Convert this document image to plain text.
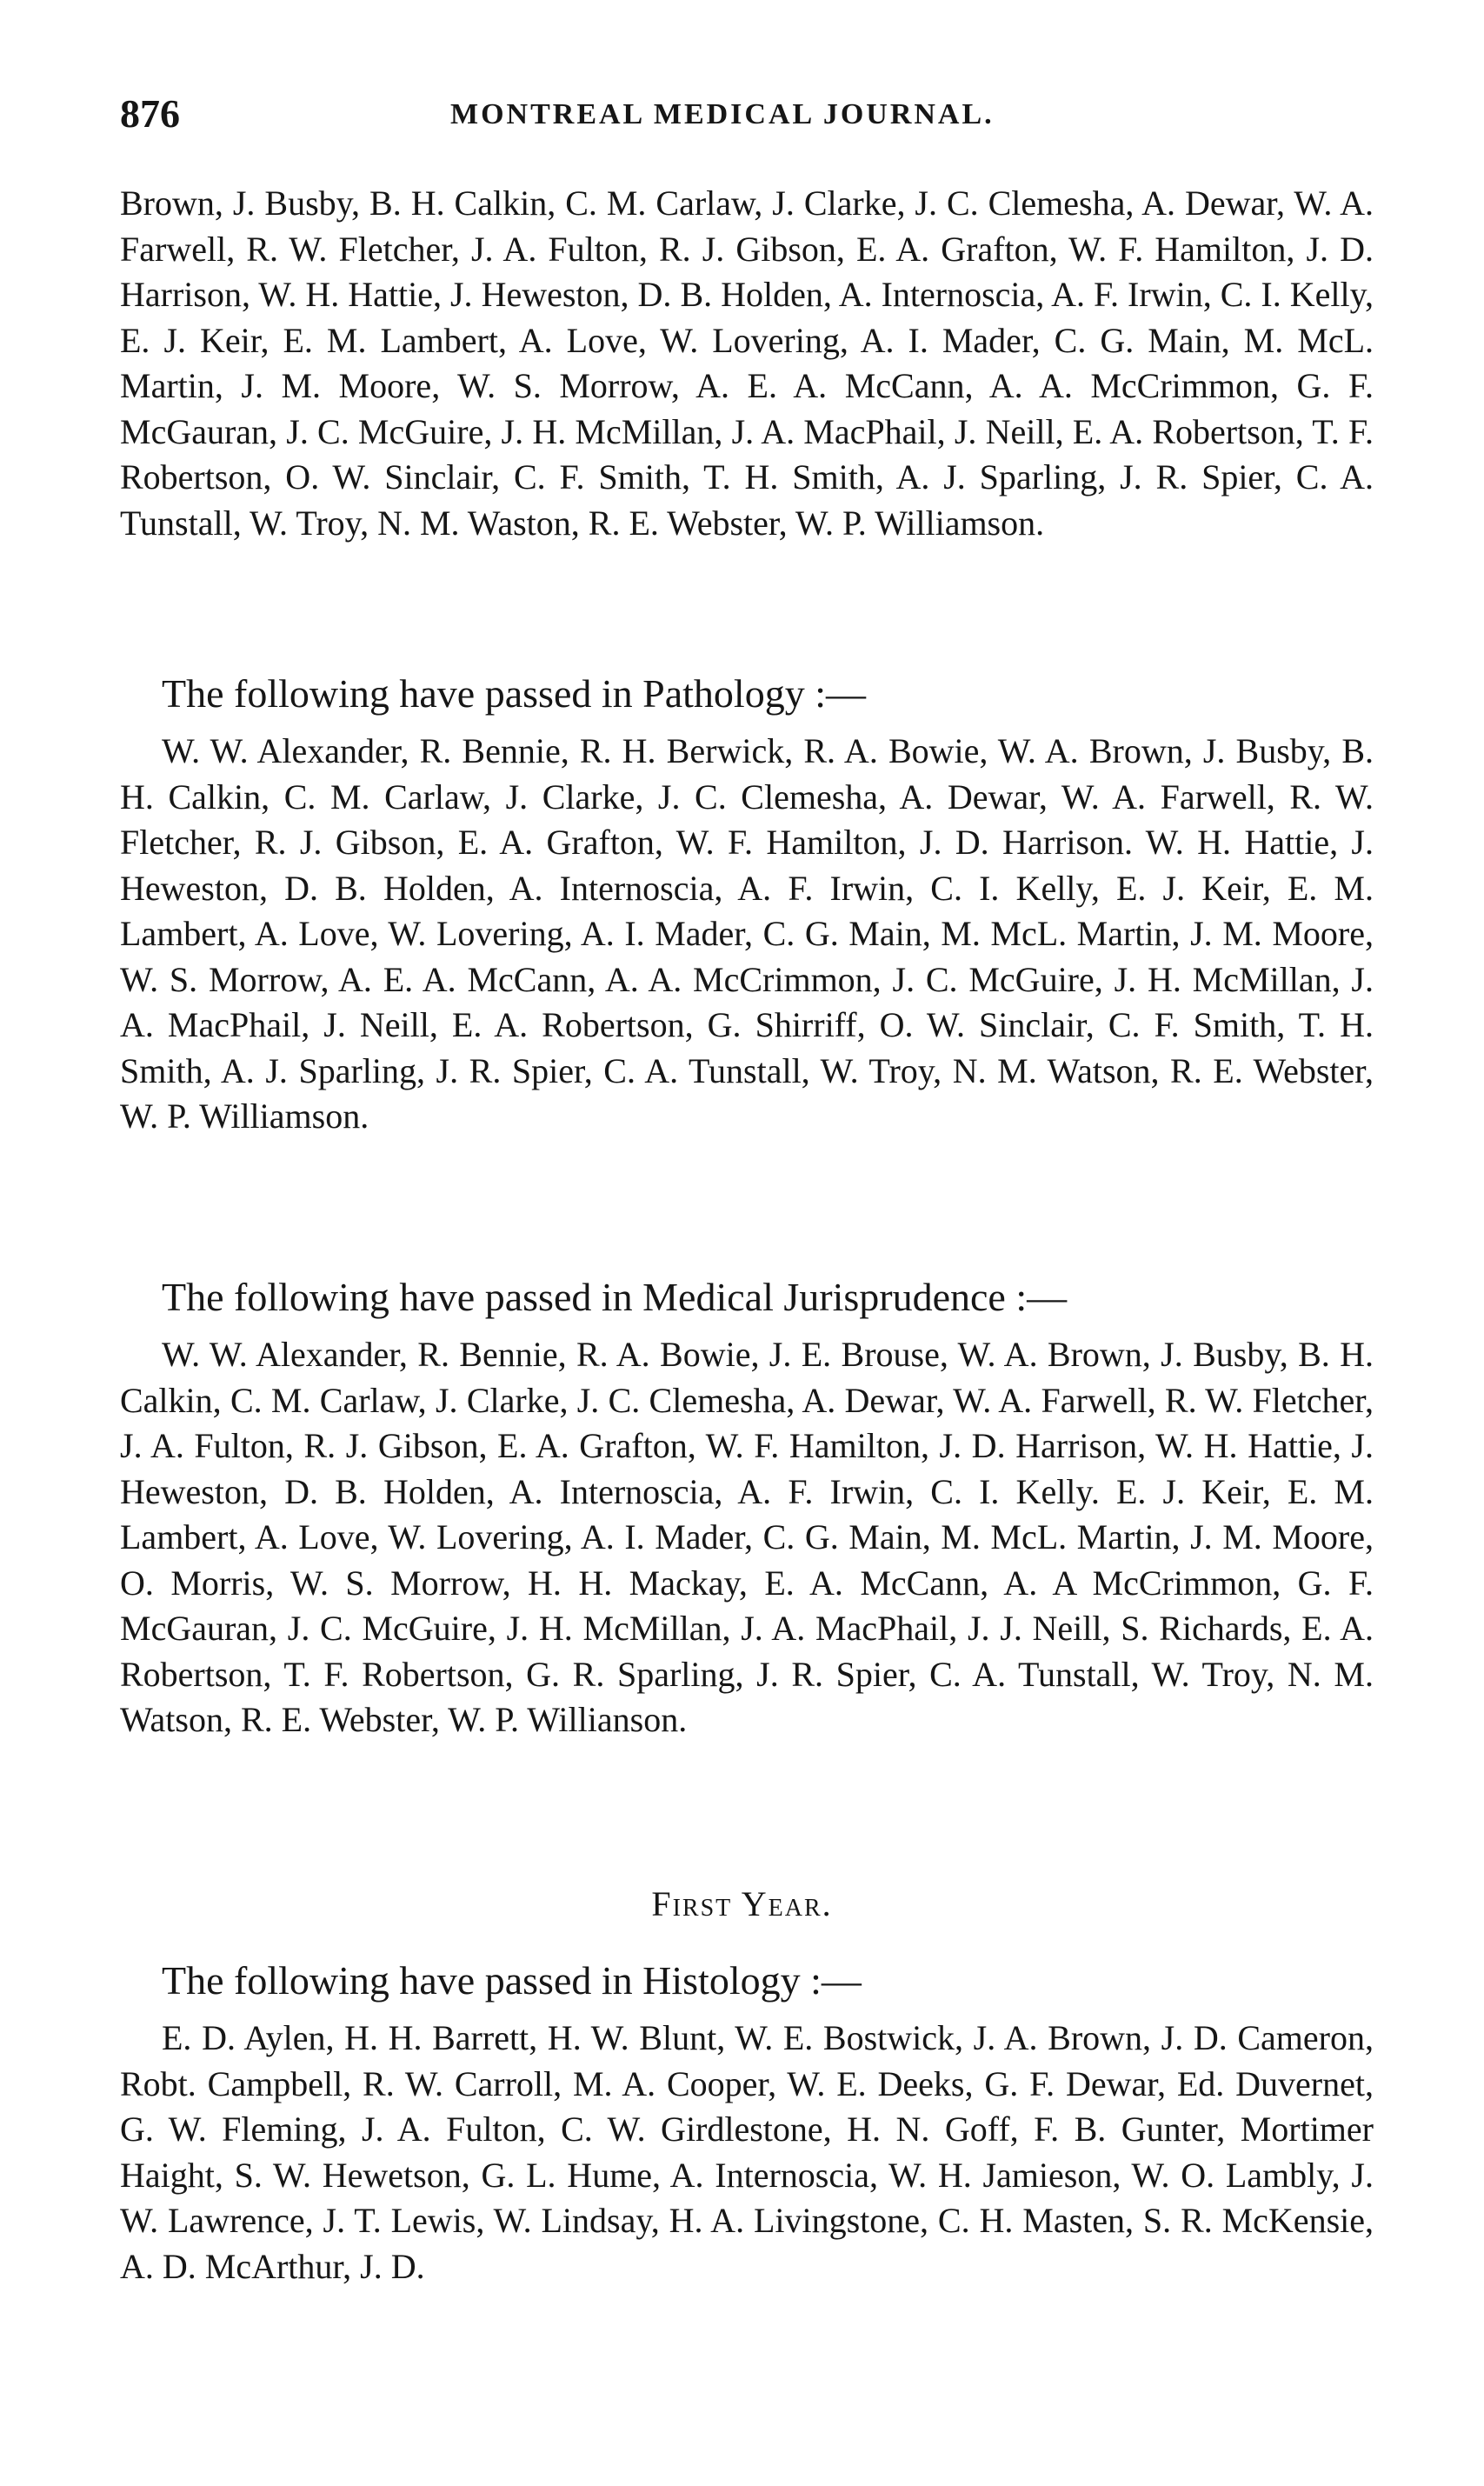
876	MONTREAL MEDICAL JOURNAL.

Brown, J. Busby, B. H. Calkin, C. M. Carlaw, J. Clarke, J. C. Clemesha, A. Dewar, W. A. Farwell, R. W. Fletcher, J. A. Fulton, R. J. Gibson, E. A. Grafton, W. F. Hamilton, J. D. Harrison, W. H. Hattie, J. Heweston, D. B. Holden, A. Internoscia, A. F. Irwin, C. I. Kelly, E. J. Keir, E. M. Lambert, A. Love, W. Lovering, A. I. Mader, C. G. Main, M. McL. Martin, J. M. Moore, W. S. Morrow, A. E. A. McCann, A. A. McCrimmon, G. F. McGauran, J. C. McGuire, J. H. McMillan, J. A. MacPhail, J. Neill, E. A. Robertson, T. F. Robertson, O. W. Sinclair, C. F. Smith, T. H. Smith, A. J. Sparling, J. R. Spier, C. A. Tunstall, W. Troy, N. M. Waston, R. E. Webster, W. P. Williamson.

The following have passed in Pathology :—

W. W. Alexander, R. Bennie, R. H. Berwick, R. A. Bowie, W. A. Brown, J. Busby, B. H. Calkin, C. M. Carlaw, J. Clarke, J. C. Clemesha, A. Dewar, W. A. Farwell, R. W. Fletcher, R. J. Gibson, E. A. Grafton, W. F. Hamilton, J. D. Harrison. W. H. Hattie, J. Heweston, D. B. Holden, A. Internoscia, A. F. Irwin, C. I. Kelly, E. J. Keir, E. M. Lambert, A. Love, W. Lovering, A. I. Mader, C. G. Main, M. McL. Martin, J. M. Moore, W. S. Morrow, A. E. A. McCann, A. A. McCrimmon, J. C. McGuire, J. H. McMillan, J. A. MacPhail, J. Neill, E. A. Robertson, G. Shirriff, O. W. Sinclair, C. F. Smith, T. H. Smith, A. J. Sparling, J. R. Spier, C. A. Tunstall, W. Troy, N. M. Watson, R. E. Webster, W. P. Williamson.

The following have passed in Medical Jurisprudence :—

W. W. Alexander, R. Bennie, R. A. Bowie, J. E. Brouse, W. A. Brown, J. Busby, B. H. Calkin, C. M. Carlaw, J. Clarke, J. C. Clemesha, A. Dewar, W. A. Farwell, R. W. Fletcher, J. A. Fulton, R. J. Gibson, E. A. Grafton, W. F. Hamilton, J. D. Harrison, W. H. Hattie, J. Heweston, D. B. Holden, A. Internoscia, A. F. Irwin, C. I. Kelly. E. J. Keir, E. M. Lambert, A. Love, W. Lovering, A. I. Mader, C. G. Main, M. McL. Martin, J. M. Moore, O. Morris, W. S. Morrow, H. H. Mackay, E. A. McCann, A. A McCrimmon, G. F. McGauran, J. C. McGuire, J. H. McMillan, J. A. MacPhail, J. J. Neill, S. Richards, E. A. Robertson, T. F. Robertson, G. R. Sparling, J. R. Spier, C. A. Tunstall, W. Troy, N. M. Watson, R. E. Webster, W. P. Willianson.

First Year.
The following have passed in Histology :—

E. D. Aylen, H. H. Barrett, H. W. Blunt, W. E. Bostwick, J. A. Brown, J. D. Cameron, Robt. Campbell, R. W. Carroll, M. A. Cooper, W. E. Deeks, G. F. Dewar, Ed. Duvernet, G. W. Fleming, J. A. Fulton, C. W. Girdlestone, H. N. Goff, F. B. Gunter, Mortimer Haight, S. W. Hewetson, G. L. Hume, A. Internoscia, W. H. Jamieson, W. O. Lambly, J. W. Lawrence, J. T. Lewis, W. Lindsay, H. A. Livingstone, C. H. Masten, S. R. McKensie, A. D. McArthur, J. D.
